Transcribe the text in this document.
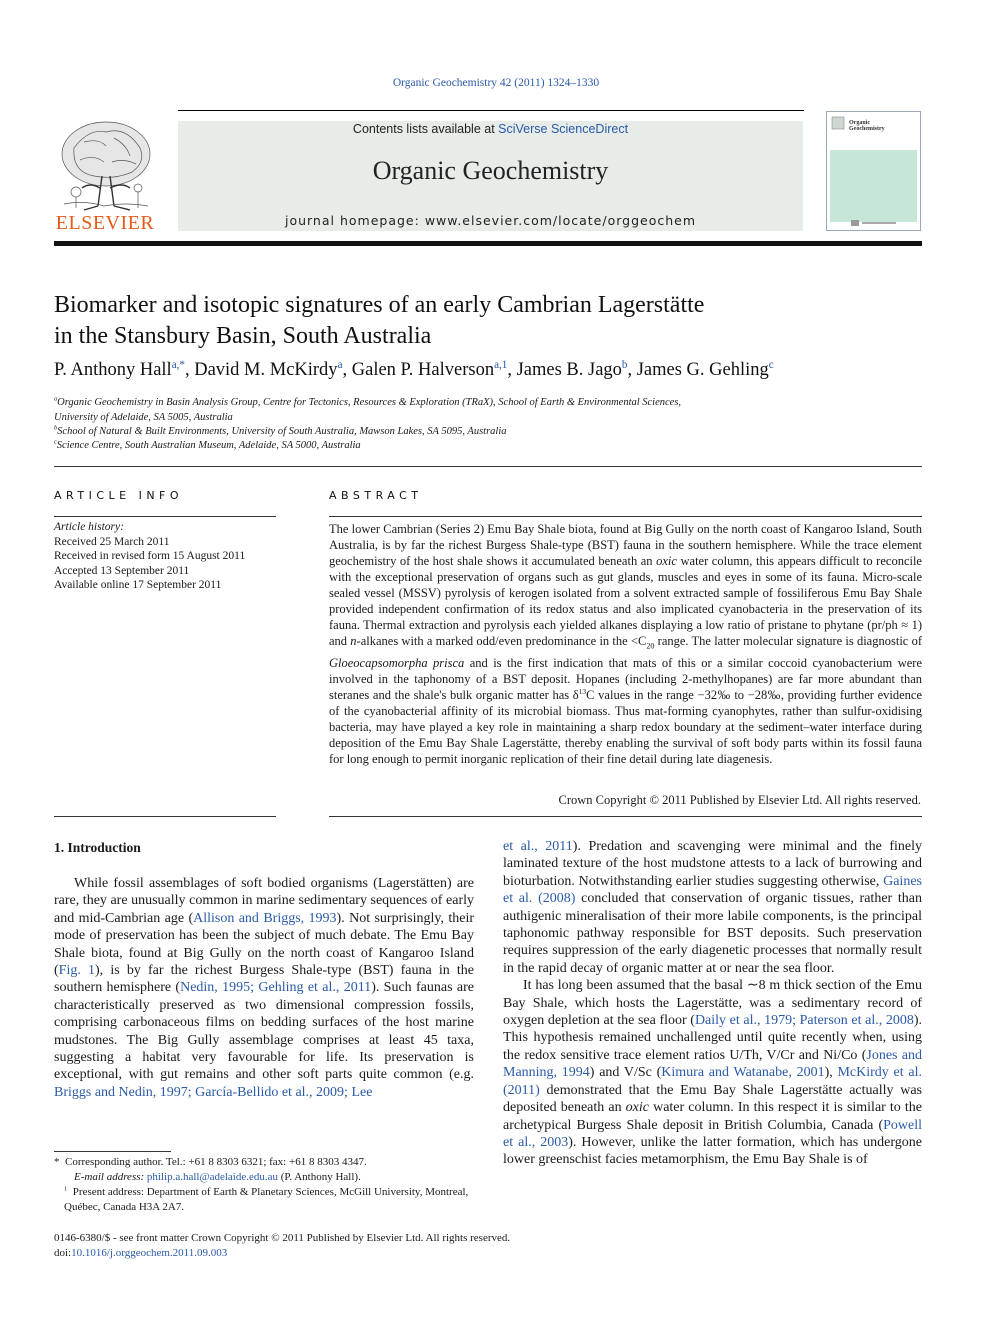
Organic Geochemistry 42 (2011) 1324–1330
ELSEVIER
Contents lists available at SciVerse ScienceDirect
Organic Geochemistry
journal homepage: www.elsevier.com/locate/orggeochem
Organic
Geochemistry
Biomarker and isotopic signatures of an early Cambrian Lagerstätte
in the Stansbury Basin, South Australia
P. Anthony Hall$^{a,*}$, David M. McKirdy$^a$, Galen P. Halverson$^{a,1}$, James B. Jago$^b$, James G. Gehling$^c$
$^a$Organic Geochemistry in Basin Analysis Group, Centre for Tectonics, Resources & Exploration (TRaX), School of Earth & Environmental Sciences,
University of Adelaide, SA 5005, Australia
$^b$School of Natural & Built Environments, University of South Australia, Mawson Lakes, SA 5095, Australia
$^c$Science Centre, South Australian Museum, Adelaide, SA 5000, Australia
ARTICLE INFO
Article history:
Received 25 March 2011
Received in revised form 15 August 2011
Accepted 13 September 2011
Available online 17 September 2011
ABSTRACT
The lower Cambrian (Series 2) Emu Bay Shale biota, found at Big Gully on the north coast of Kangaroo Island, South Australia, is by far the richest Burgess Shale-type (BST) fauna in the southern hemisphere. While the trace element geochemistry of the host shale shows it accumulated beneath an oxic water column, this appears difficult to reconcile with the exceptional preservation of organs such as gut glands, muscles and eyes in some of its fauna. Micro-scale sealed vessel (MSSV) pyrolysis of kerogen isolated from a solvent extracted sample of fossiliferous Emu Bay Shale provided independent confirmation of its redox status and also implicated cyanobacteria in the preservation of its fauna. Thermal extraction and pyrolysis each yielded alkanes displaying a low ratio of pristane to phytane (pr/ph ≈ 1) and n-alkanes with a marked odd/even predominance in the $<C_{20}$ range. The latter molecular signature is diagnostic of Gloeocapsomorpha prisca and is the first indication that mats of this or a similar coccoid cyanobacterium were involved in the taphonomy of a BST deposit. Hopanes (including 2-methylhopanes) are far more abundant than steranes and the shale's bulk organic matter has $\delta^{13}C$ values in the range −32‰ to −28‰, providing further evidence of the cyanobacterial affinity of its microbial biomass. Thus mat-forming cyanophytes, rather than sulfur-oxidising bacteria, may have played a key role in maintaining a sharp redox boundary at the sediment–water interface during deposition of the Emu Bay Shale Lagerstätte, thereby enabling the survival of soft body parts within its fossil fauna for long enough to permit inorganic replication of their fine detail during late diagenesis.
Crown Copyright © 2011 Published by Elsevier Ltd. All rights reserved.
1. Introduction

While fossil assemblages of soft bodied organisms (Lagerstätten) are rare, they are unusually common in marine sedimentary sequences of early and mid-Cambrian age (Allison and Briggs, 1993). Not surprisingly, their mode of preservation has been the subject of much debate. The Emu Bay Shale biota, found at Big Gully on the north coast of Kangaroo Island (Fig. 1), is by far the richest Burgess Shale-type (BST) fauna in the southern hemisphere (Nedin, 1995; Gehling et al., 2011). Such faunas are characteristically preserved as two dimensional compression fossils, comprising carbonaceous films on bedding surfaces of the host marine mudstones. The Big Gully assemblage comprises at least 45 taxa, suggesting a habitat very favourable for life. Its preservation is exceptional, with gut remains and other soft parts quite common (e.g. Briggs and Nedin, 1997; García-Bellido et al., 2009; Lee

et al., 2011). Predation and scavenging were minimal and the finely laminated texture of the host mudstone attests to a lack of burrowing and bioturbation. Notwithstanding earlier studies suggesting otherwise, Gaines et al. (2008) concluded that conservation of organic tissues, rather than authigenic mineralisation of their more labile components, is the principal taphonomic pathway responsible for BST deposits. Such preservation requires suppression of the early diagenetic processes that normally result in the rapid decay of organic matter at or near the sea floor.

It has long been assumed that the basal ∼8 m thick section of the Emu Bay Shale, which hosts the Lagerstätte, was a sedimentary record of oxygen depletion at the sea floor (Daily et al., 1979; Paterson et al., 2008). This hypothesis remained unchallenged until quite recently when, using the redox sensitive trace element ratios U/Th, V/Cr and Ni/Co (Jones and Manning, 1994) and V/Sc (Kimura and Watanabe, 2001), McKirdy et al. (2011) demonstrated that the Emu Bay Shale Lagerstätte actually was deposited beneath an oxic water column. In this respect it is similar to the archetypical Burgess Shale deposit in British Columbia, Canada (Powell et al., 2003). However, unlike the latter formation, which has undergone lower greenschist facies metamorphism, the Emu Bay Shale is of

* Corresponding author. Tel.: +61 8 8303 6321; fax: +61 8 8303 4347.
E-mail address: philip.a.hall@adelaide.edu.au (P. Anthony Hall).
$^1$ Present address: Department of Earth & Planetary Sciences, McGill University, Montreal, Québec, Canada H3A 2A7.
0146-6380/$ - see front matter Crown Copyright © 2011 Published by Elsevier Ltd. All rights reserved.
doi:10.1016/j.orggeochem.2011.09.003
